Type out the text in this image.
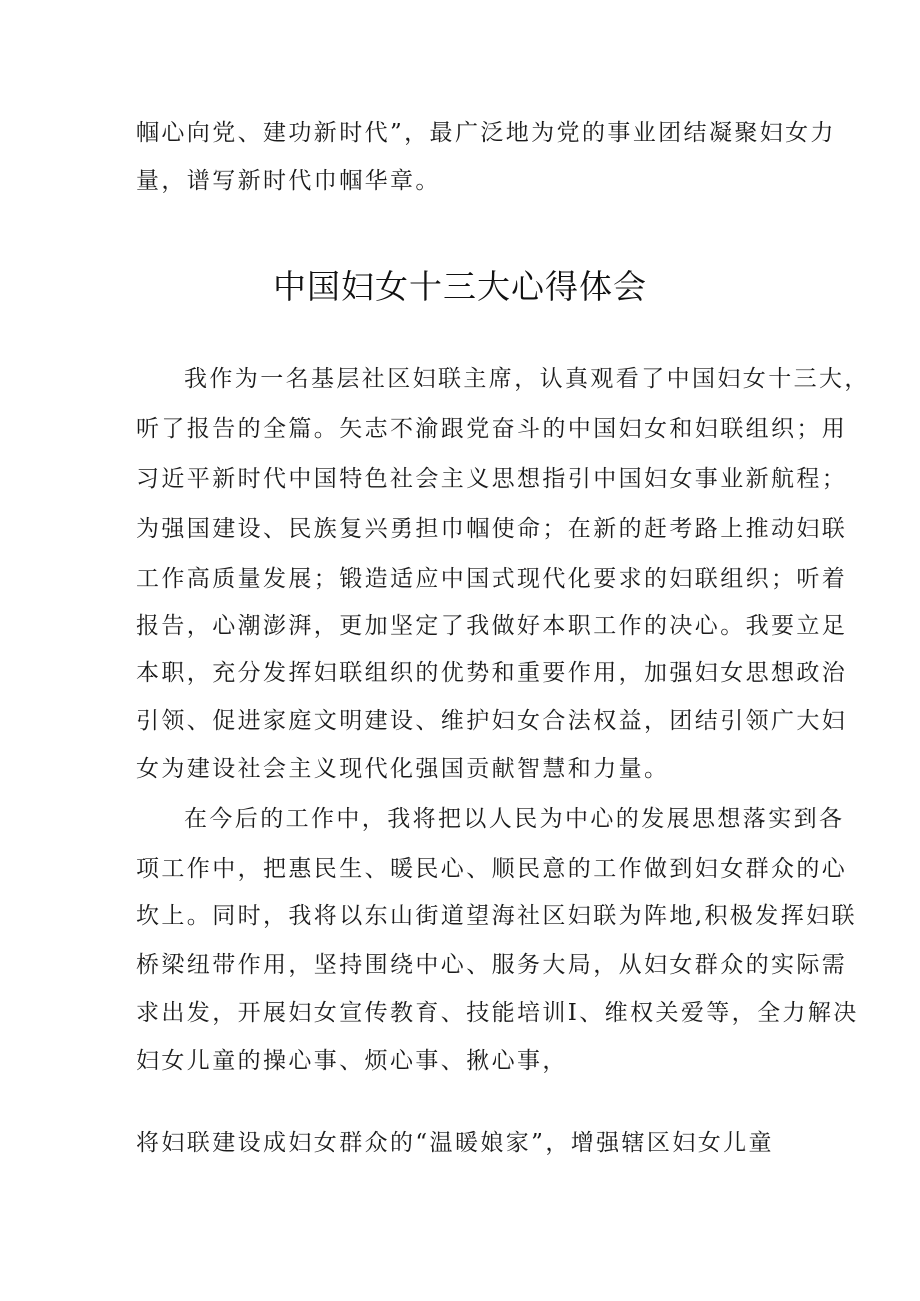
帼心向党、建功新时代”，最广泛地为党的事业团结凝聚妇女力
量，谱写新时代巾帼华章。
中国妇女十三大心得体会
我作为一名基层社区妇联主席，认真观看了中国妇女十三大，
听了报告的全篇。矢志不渝跟党奋斗的中国妇女和妇联组织；用
习近平新时代中国特色社会主义思想指引中国妇女事业新航程；
为强国建设、民族复兴勇担巾帼使命；在新的赶考路上推动妇联
工作高质量发展；锻造适应中国式现代化要求的妇联组织；听着
报告，心潮澎湃，更加坚定了我做好本职工作的决心。我要立足
本职，充分发挥妇联组织的优势和重要作用，加强妇女思想政治
引领、促进家庭文明建设、维护妇女合法权益，团结引领广大妇
女为建设社会主义现代化强国贡献智慧和力量。
在今后的工作中，我将把以人民为中心的发展思想落实到各
项工作中，把惠民生、暖民心、顺民意的工作做到妇女群众的心
坎上。同时，我将以东山街道望海社区妇联为阵地,积极发挥妇联
桥梁纽带作用，坚持围绕中心、服务大局，从妇女群众的实际需
求出发，开展妇女宣传教育、技能培训Ⅰ、维权关爱等，全力解决
妇女儿童的操心事、烦心事、揪心事，
将妇联建设成妇女群众的“温暖娘家”，增强辖区妇女儿童
